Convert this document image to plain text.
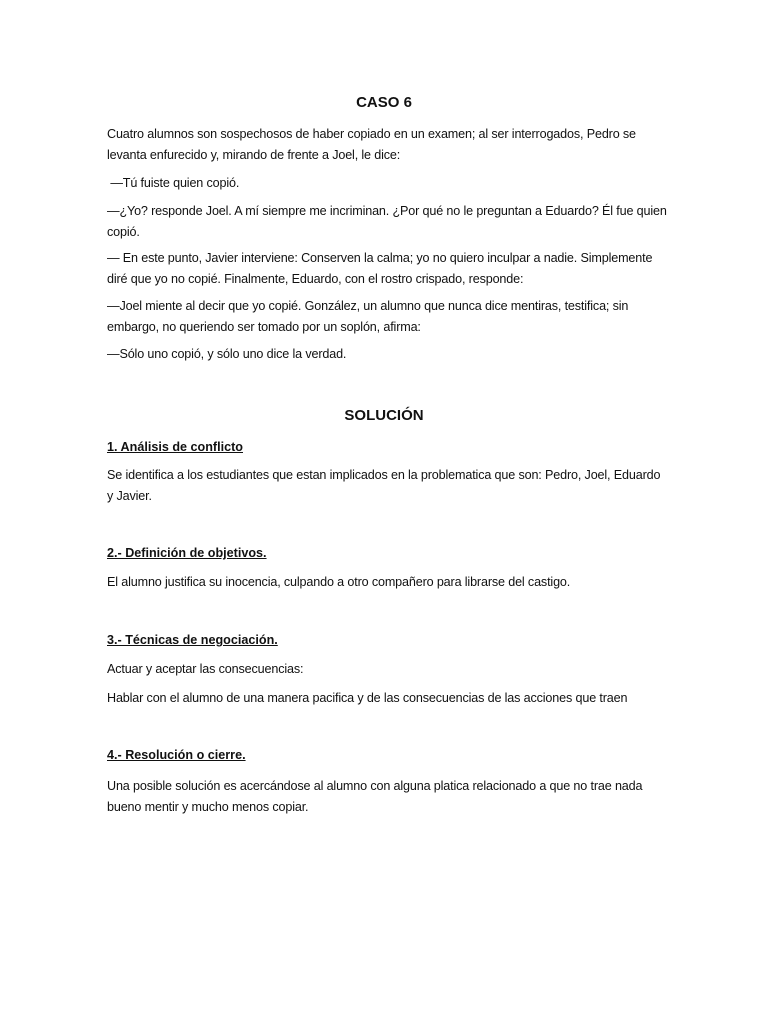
CASO 6

Cuatro alumnos son sospechosos de haber copiado en un examen; al ser interrogados, Pedro se levanta enfurecido y, mirando de frente a Joel, le dice:

—Tú fuiste quien copió.

—¿Yo? responde Joel. A mí siempre me incriminan. ¿Por qué no le preguntan a Eduardo? Él fue quien copió.

— En este punto, Javier interviene: Conserven la calma; yo no quiero inculpar a nadie. Simplemente diré que yo no copié. Finalmente, Eduardo, con el rostro crispado, responde:

—Joel miente al decir que yo copié. González, un alumno que nunca dice mentiras, testifica; sin embargo, no queriendo ser tomado por un soplón, afirma:

—Sólo uno copió, y sólo uno dice la verdad.

SOLUCIÓN

1. Análisis de conflicto

Se identifica a los estudiantes que estan implicados en la problematica que son: Pedro, Joel, Eduardo y Javier.

2.- Definición de objetivos.

El alumno justifica su inocencia, culpando a otro compañero para librarse del castigo.

3.- Técnicas de negociación.

Actuar y aceptar las consecuencias:

Hablar con el alumno de una manera pacifica y de las consecuencias de las acciones que traen

4.- Resolución o cierre.

Una posible solución es acercándose al alumno con alguna platica relacionado a que no trae nada bueno mentir y mucho menos copiar.
